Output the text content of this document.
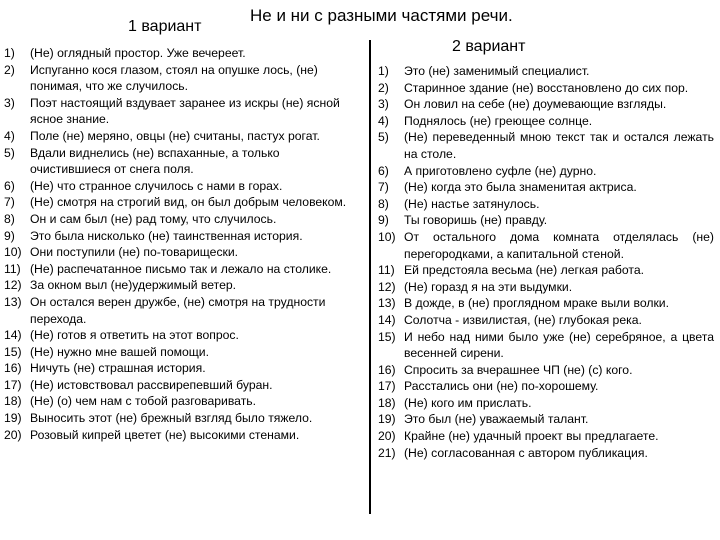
Не и ни с разными частями речи.
1 вариант
2 вариант
1)	(Не) оглядный простор. Уже вечереет.
2)	Испуганно кося глазом, стоял на опушке лось, (не) понимая, что же случилось.
3)	Поэт настоящий вздувает заранее из искры (не) ясной ясное знание.
4)	Поле (не) меряно, овцы (не) считаны, пастух рогат.
5)	Вдали виднелись (не) вспаханные, а только очистившиеся от снега поля.
6)	(Не) что странное случилось с нами в горах.
7)	(Не) смотря на строгий вид, он был добрым человеком.
8)	Он и сам был (не) рад тому, что случилось.
9)	Это была нисколько (не) таинственная история.
10) Они поступили (не) по-товарищески.
11) (Не) распечатанное письмо так и лежало на столике.
12) За окном выл (не)удержимый ветер.
13) Он остался верен дружбе, (не) смотря на трудности перехода.
14) (Не) готов я ответить на этот вопрос.
15) (Не) нужно мне вашей помощи.
16) Ничуть (не) страшная история.
17) (Не) истовствовал рассвирепевший буран.
18) (Не) (о) чем нам с тобой разговаривать.
19) Выносить этот (не) брежный взгляд было тяжело.
20) Розовый кипрей цветет (не) высокими стенами.
1)	Это (не) заменимый специалист.
2)	Старинное здание (не) восстановлено до сих пор.
3)	Он ловил на себе (не) доумевающие взгляды.
4)	Поднялось (не) греющее солнце.
5)	(Не) переведенный мною текст так и остался лежать на столе.
6)	А приготовлено суфле (не) дурно.
7)	(Не) когда это была знаменитая актриса.
8)	(Не) настье затянулось.
9)	Ты говоришь (не) правду.
10) От остального дома комната отделялась (не) перегородками, а капитальной стеной.
11) Ей предстояла весьма (не) легкая работа.
12) (Не) горазд я на эти выдумки.
13) В дожде, в (не) проглядном мраке выли волки.
14) Солотча - извилистая, (не) глубокая река.
15) И небо над ними было уже (не) серебряное, а цвета весенней сирени.
16) Спросить за вчерашнее ЧП (не) (с) кого.
17) Расстались они (не) по-хорошему.
18) (Не) кого им прислать.
19) Это был (не) уважаемый талант.
20) Крайне (не) удачный проект вы предлагаете.
21) (Не) согласованная с автором публикация.
